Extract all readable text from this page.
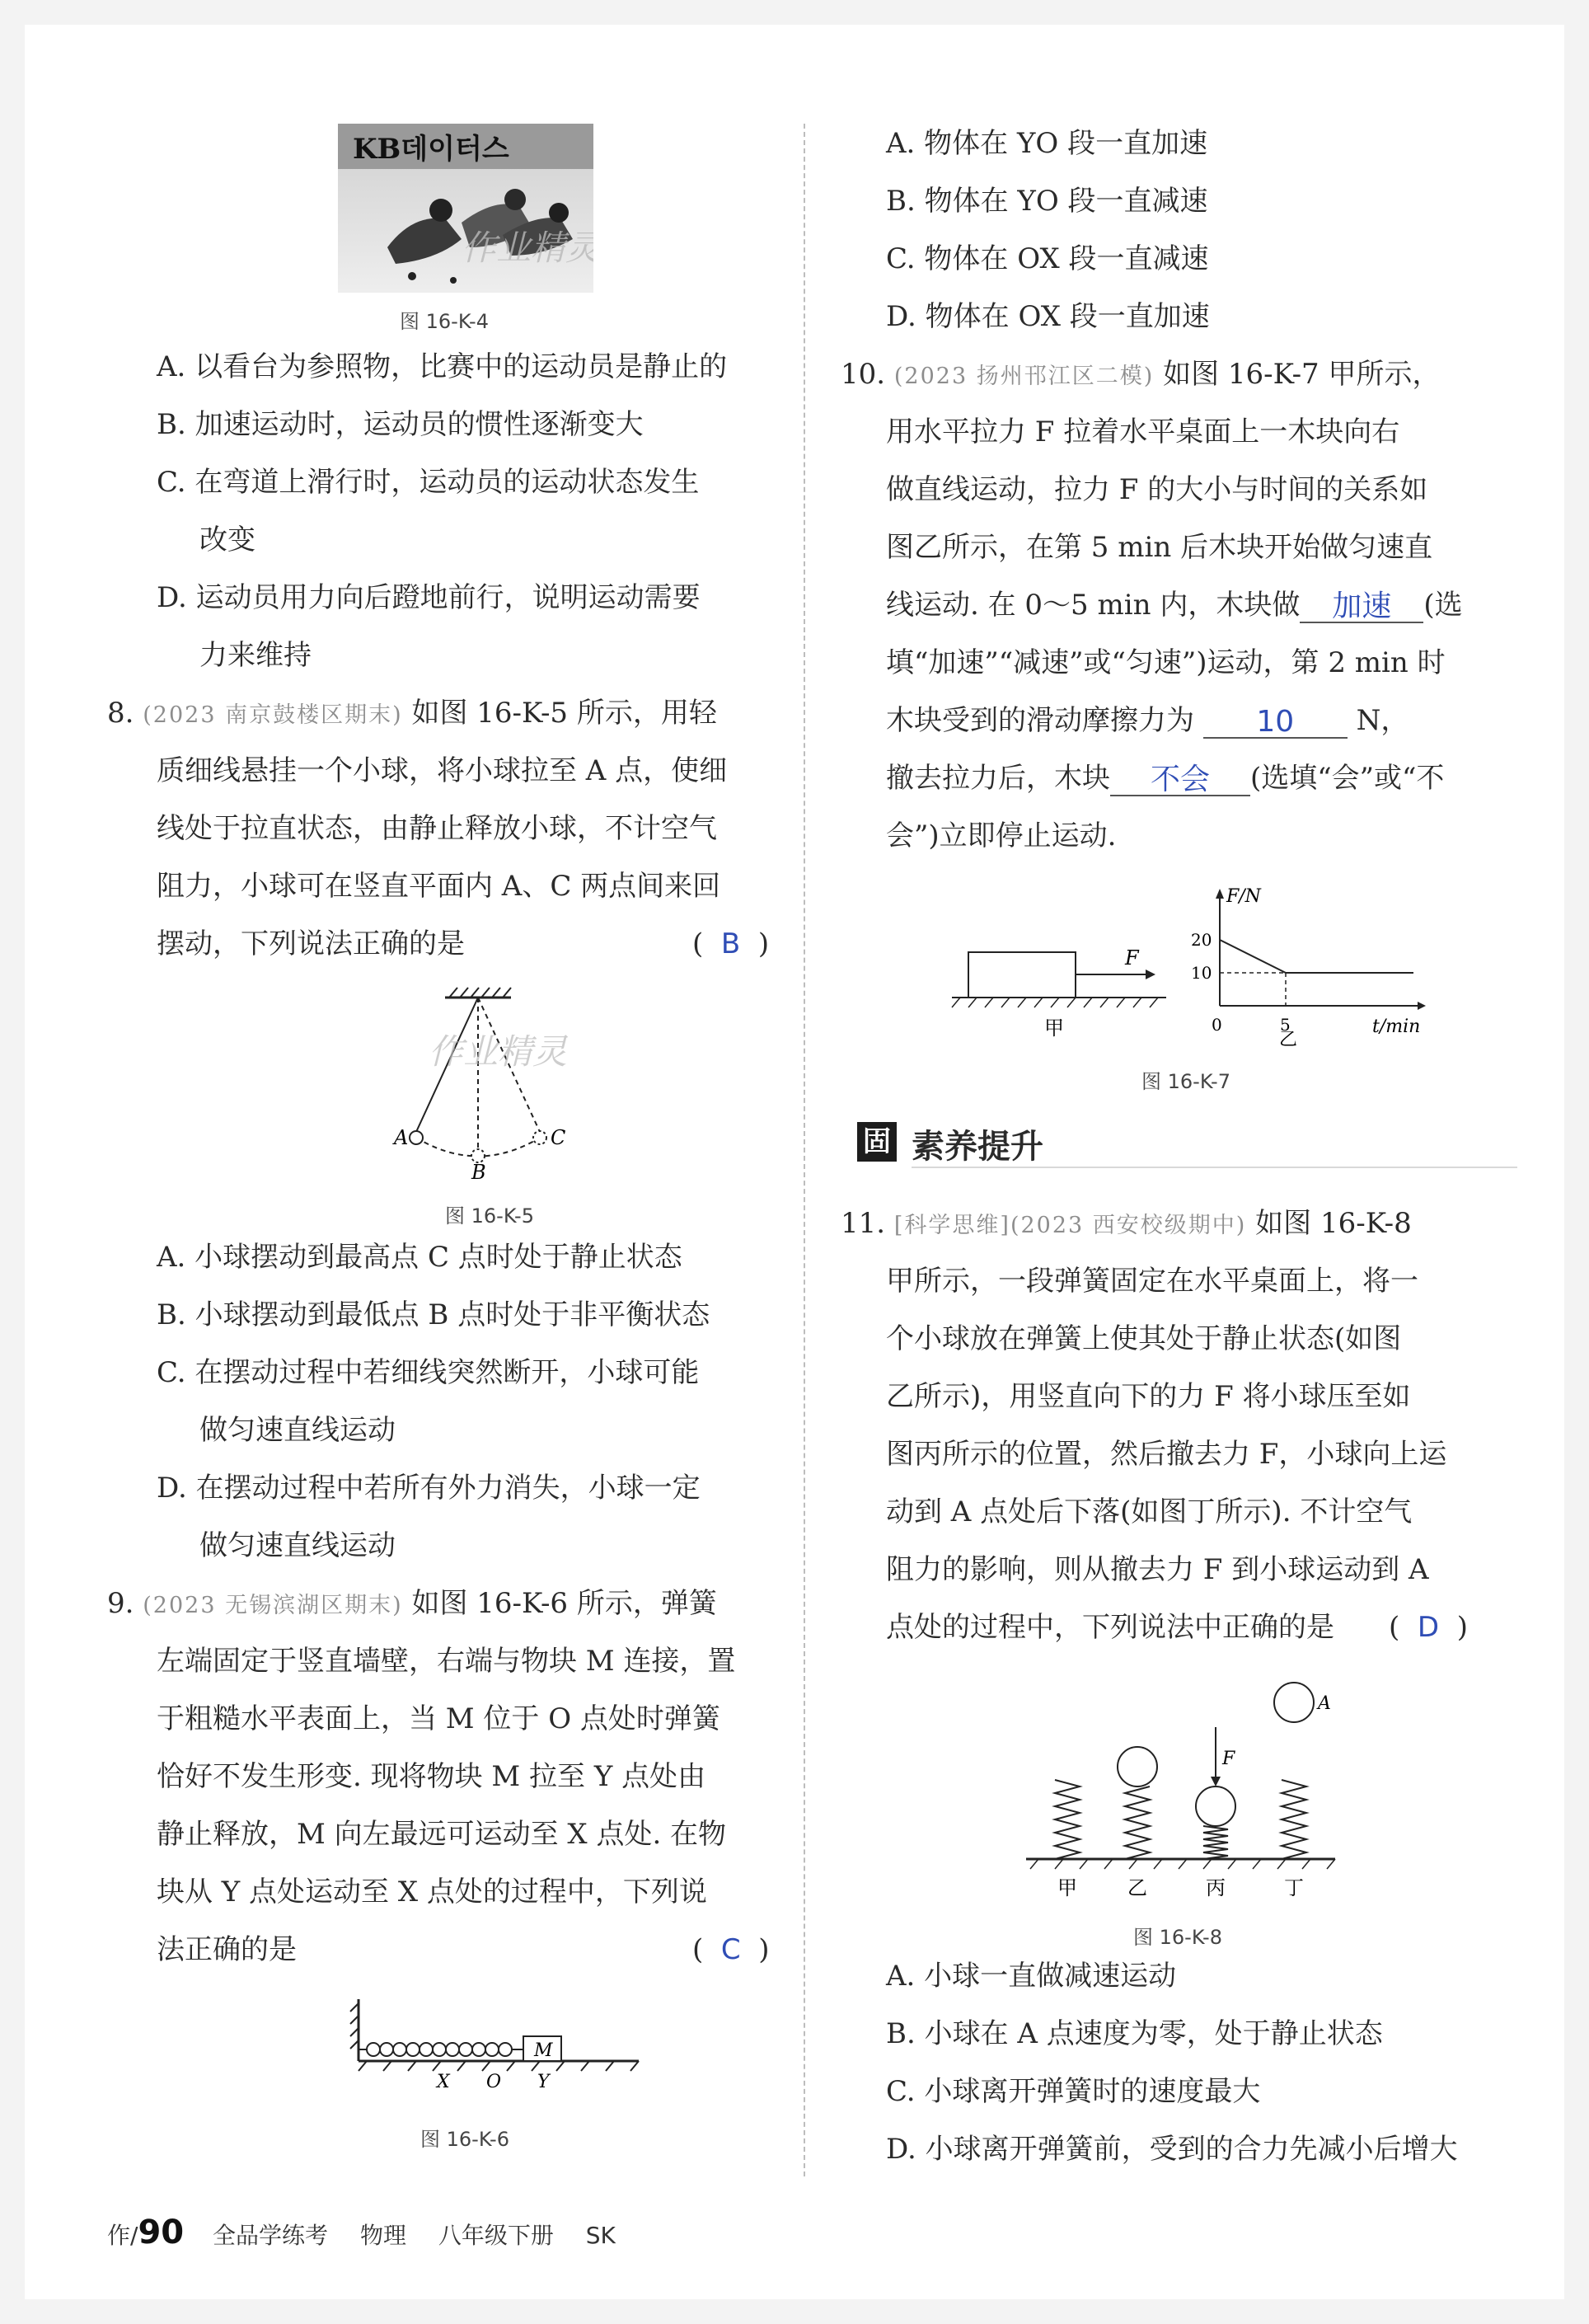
KB데이터스
作业精灵
图 16-K-4
A. 以看台为参照物，比赛中的运动员是静止的
B. 加速运动时，运动员的惯性逐渐变大
C. 在弯道上滑行时，运动员的运动状态发生
改变
D. 运动员用力向后蹬地前行，说明运动需要
力来维持
8. (2023 南京鼓楼区期末) 如图 16-K-5 所示，用轻
质细线悬挂一个小球，将小球拉至 A 点，使细
线处于拉直状态，由静止释放小球，不计空气
阻力，小球可在竖直平面内 A、C 两点间来回
摆动，下列说法正确的是	( B )
A
B
C
作业精灵
图 16-K-5
A. 小球摆动到最高点 C 点时处于静止状态
B. 小球摆动到最低点 B 点时处于非平衡状态
C. 在摆动过程中若细线突然断开，小球可能
做匀速直线运动
D. 在摆动过程中若所有外力消失，小球一定
做匀速直线运动
9. (2023 无锡滨湖区期末) 如图 16-K-6 所示，弹簧
左端固定于竖直墙壁，右端与物块 M 连接，置
于粗糙水平表面上，当 M 位于 O 点处时弹簧
恰好不发生形变. 现将物块 M 拉至 Y 点处由
静止释放，M 向左最远可运动至 X 点处. 在物
块从 Y 点处运动至 X 点处的过程中，下列说
法正确的是	( C )
M
X O Y
图 16-K-6
作/90 全品学练考 物理 八年级下册 SK
A. 物体在 YO 段一直加速
B. 物体在 YO 段一直减速
C. 物体在 OX 段一直减速
D. 物体在 OX 段一直加速
10. (2023 扬州邗江区二模) 如图 16-K-7 甲所示，
用水平拉力 F 拉着水平桌面上一木块向右
做直线运动，拉力 F 的大小与时间的关系如
图乙所示，在第 5 min 后木块开始做匀速直
线运动. 在 0～5 min 内，木块做 加速 (选
填“加速”“减速”或“匀速”)运动，第 2 min 时
木块受到的滑动摩擦力为 10 N，
撤去拉力后，木块 不会 (选填“会”或“不
会”)立即停止运动.
F
甲
F/N
t/min
20
10
0	5
乙
图 16-K-7
11. [科学思维](2023 西安校级期中) 如图 16-K-8
甲所示，一段弹簧固定在水平桌面上，将一
个小球放在弹簧上使其处于静止状态(如图
乙所示)，用竖直向下的力 F 将小球压至如
图丙所示的位置，然后撤去力 F，小球向上运
动到 A 点处后下落(如图丁所示). 不计空气
阻力的影响，则从撤去力 F 到小球运动到 A
点处的过程中，下列说法中正确的是 ( D )
F
A
甲	乙	丙	丁
图 16-K-8
A. 小球一直做减速运动
B. 小球在 A 点速度为零，处于静止状态
C. 小球离开弹簧时的速度最大
D. 小球离开弹簧前，受到的合力先减小后增大
固 素养提升
